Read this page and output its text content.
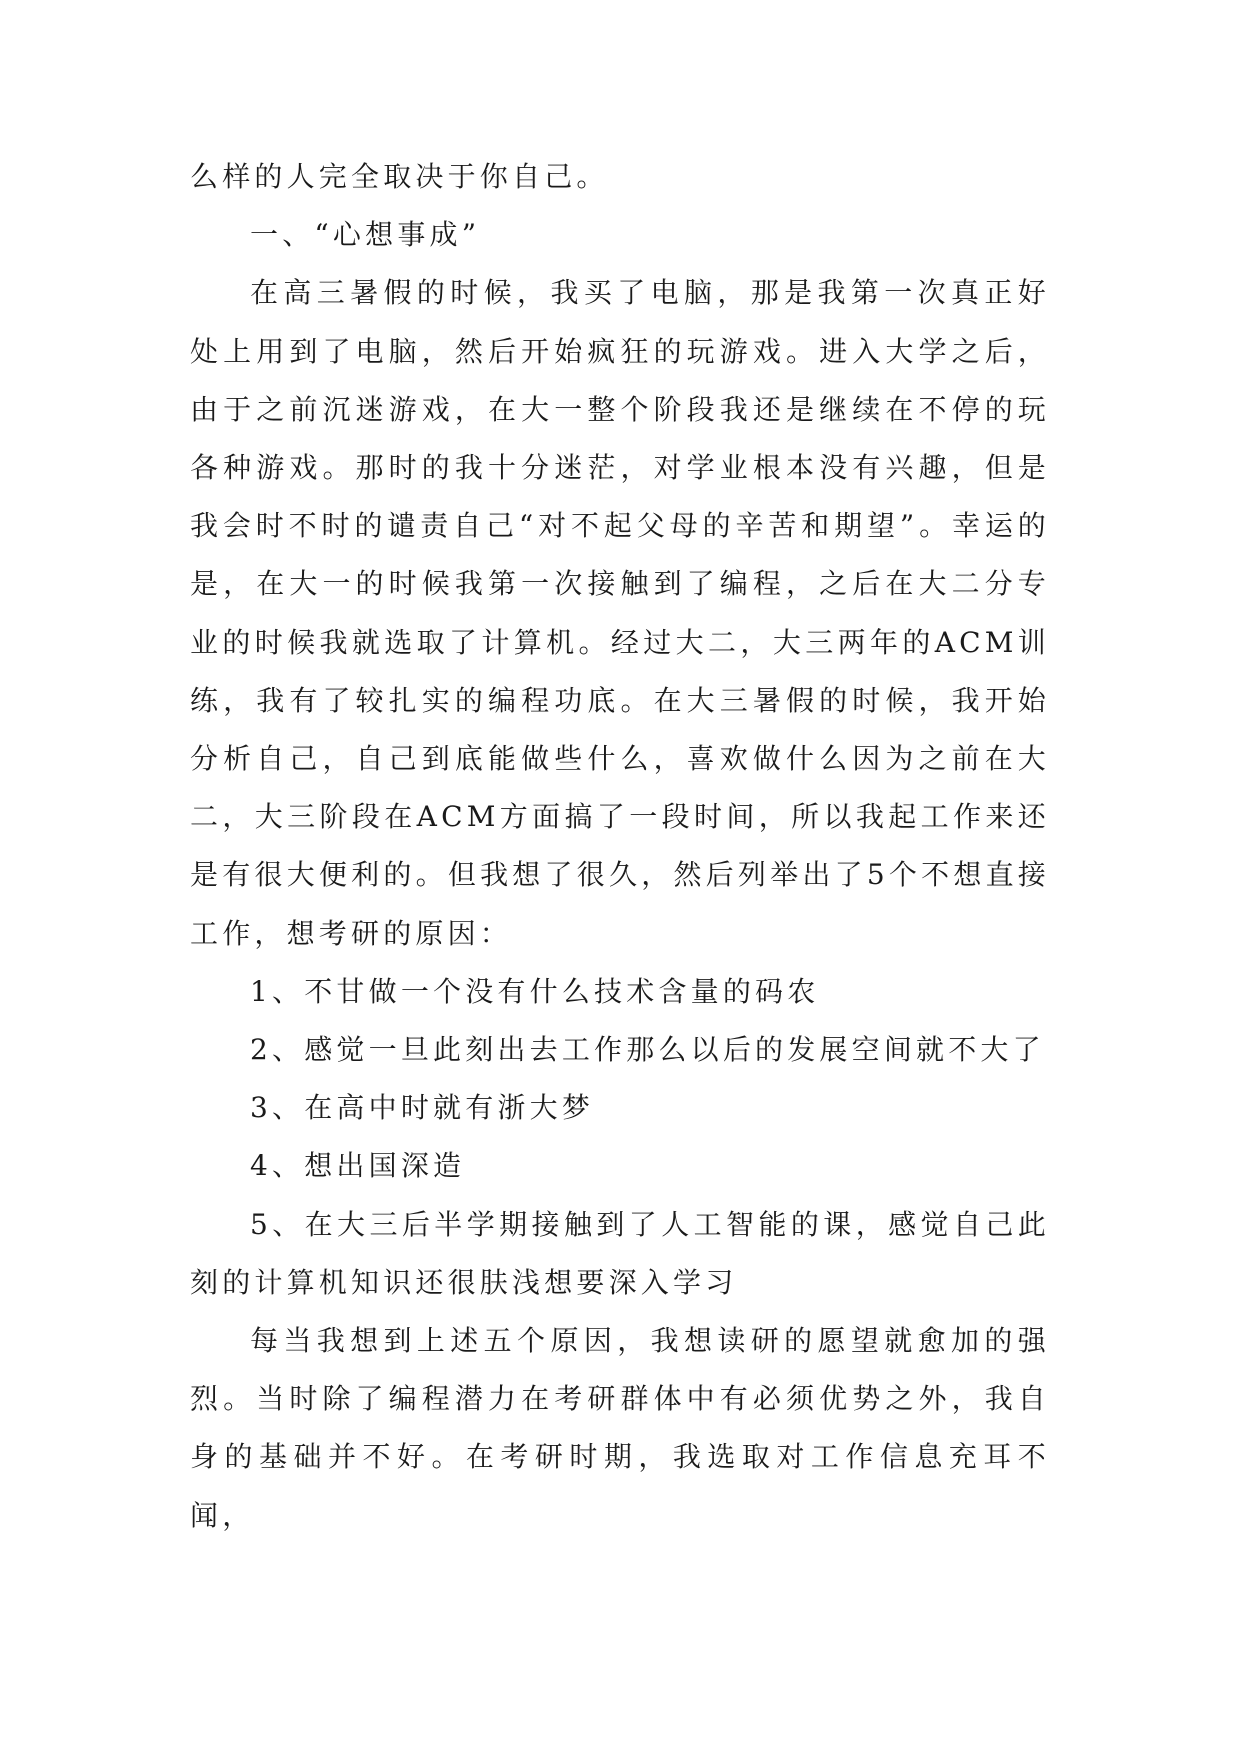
么样的人完全取决于你自己。

一、“心想事成”

在高三暑假的时候，我买了电脑，那是我第一次真正好处上用到了电脑，然后开始疯狂的玩游戏。进入大学之后，由于之前沉迷游戏，在大一整个阶段我还是继续在不停的玩各种游戏。那时的我十分迷茫，对学业根本没有兴趣，但是我会时不时的谴责自己“对不起父母的辛苦和期望”。幸运的是，在大一的时候我第一次接触到了编程，之后在大二分专业的时候我就选取了计算机。经过大二，大三两年的ACM训练，我有了较扎实的编程功底。在大三暑假的时候，我开始分析自己，自己到底能做些什么，喜欢做什么因为之前在大二，大三阶段在ACM方面搞了一段时间，所以我起工作来还是有很大便利的。但我想了很久，然后列举出了5个不想直接工作，想考研的原因：

1、不甘做一个没有什么技术含量的码农

2、感觉一旦此刻出去工作那么以后的发展空间就不大了

3、在高中时就有浙大梦

4、想出国深造

5、在大三后半学期接触到了人工智能的课，感觉自己此刻的计算机知识还很肤浅想要深入学习

每当我想到上述五个原因，我想读研的愿望就愈加的强烈。当时除了编程潜力在考研群体中有必须优势之外，我自身的基础并不好。在考研时期，我选取对工作信息充耳不闻，
